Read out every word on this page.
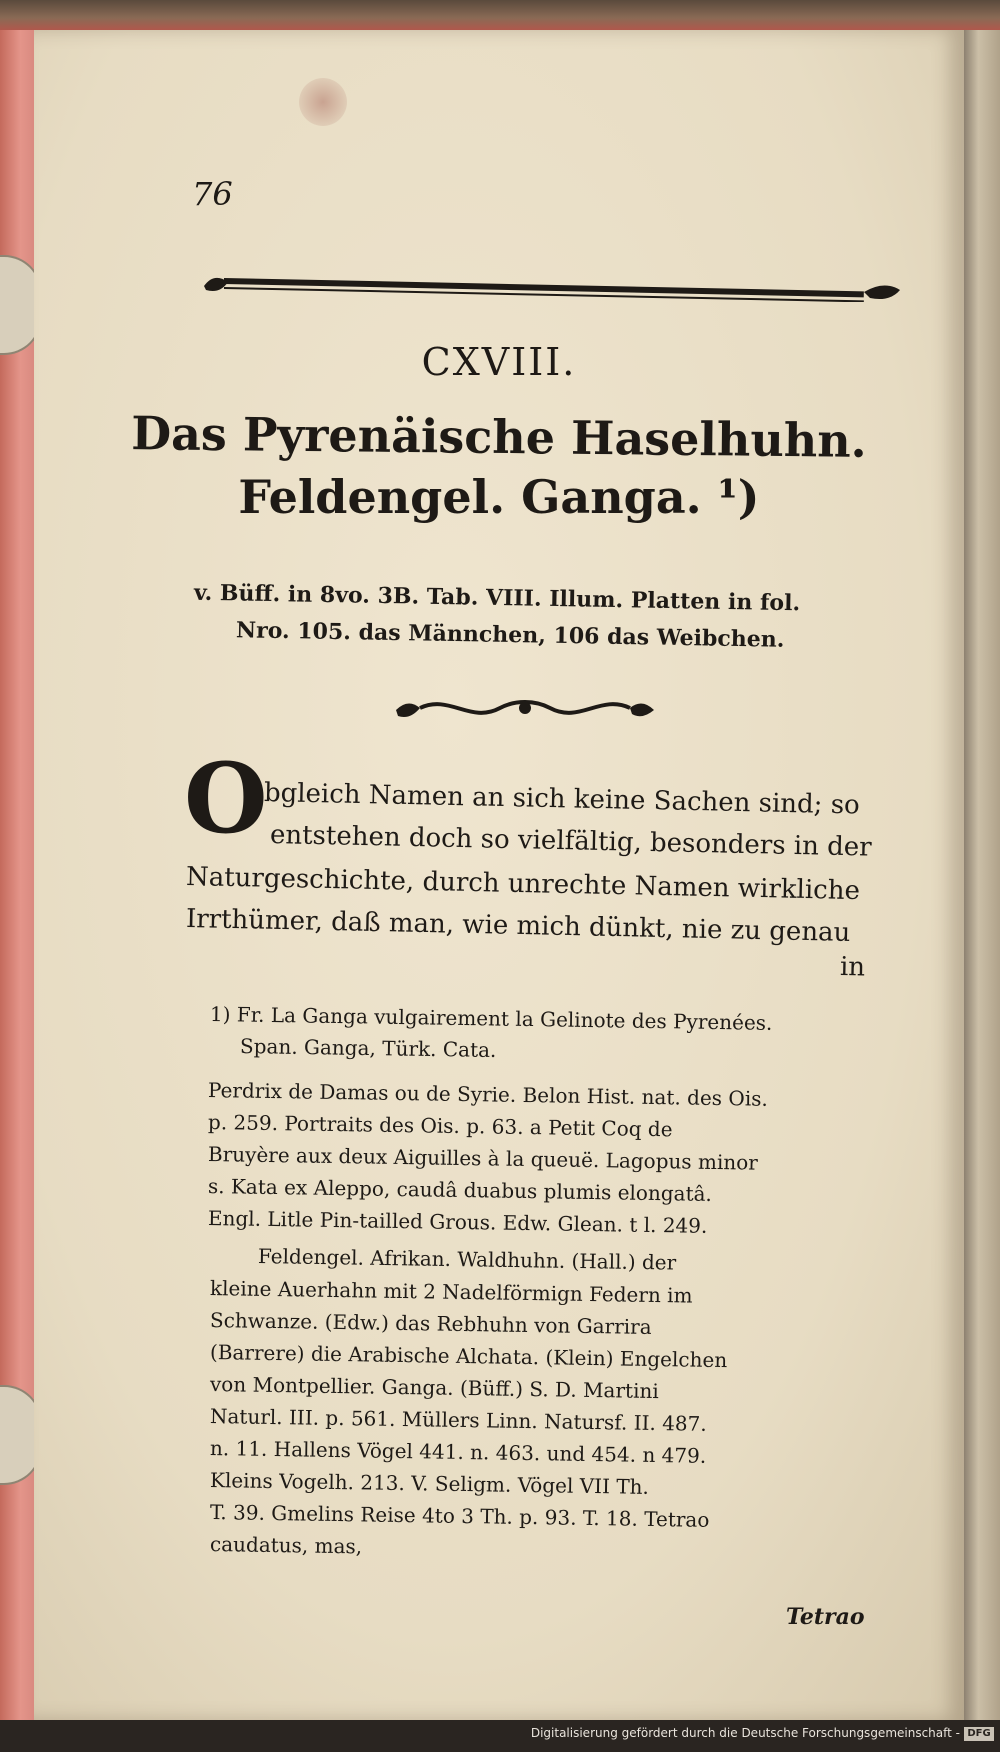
76

CXVIII.

Das Pyrenäische Haselhuhn.

Feldengel. Ganga. ¹)

v. Büff. in 8vo. 3B. Tab. VIII. Illum. Platten in fol.

Nro. 105. das Männchen, 106 das Weibchen.

O

bgleich Namen an sich keine Sachen sind; so

entstehen doch so vielfältig, besonders in der

Naturgeschichte, durch unrechte Namen wirkliche

Irrthümer, daß man, wie mich dünkt, nie zu genau

in

1) Fr. La Ganga vulgairement la Gelinote des Pyrenées.

Span. Ganga, Türk. Cata.

Perdrix de Damas ou de Syrie. Belon Hist. nat. des Ois.

p. 259. Portraits des Ois. p. 63. a Petit Coq de

Bruyère aux deux Aiguilles à la queuë. Lagopus minor

s. Kata ex Aleppo, caudâ duabus plumis elongatâ.

Engl. Litle Pin-tailled Grous. Edw. Glean. t l. 249.

Feldengel. Afrikan. Waldhuhn. (Hall.) der

kleine Auerhahn mit 2 Nadelförmign Federn im

Schwanze. (Edw.) das Rebhuhn von Garrira

(Barrere) die Arabische Alchata. (Klein) Engelchen

von Montpellier. Ganga. (Büff.) S. D. Martini

Naturl. III. p. 561. Müllers Linn. Natursf. II. 487.

n. 11. Hallens Vögel 441. n. 463. und 454. n 479.

Kleins Vogelh. 213. V. Seligm. Vögel VII Th.

T. 39. Gmelins Reise 4to 3 Th. p. 93. T. 18. Tetrao

caudatus, mas,

Tetrao

Digitalisierung gefördert durch die Deutsche Forschungsgemeinschaft - DFG
